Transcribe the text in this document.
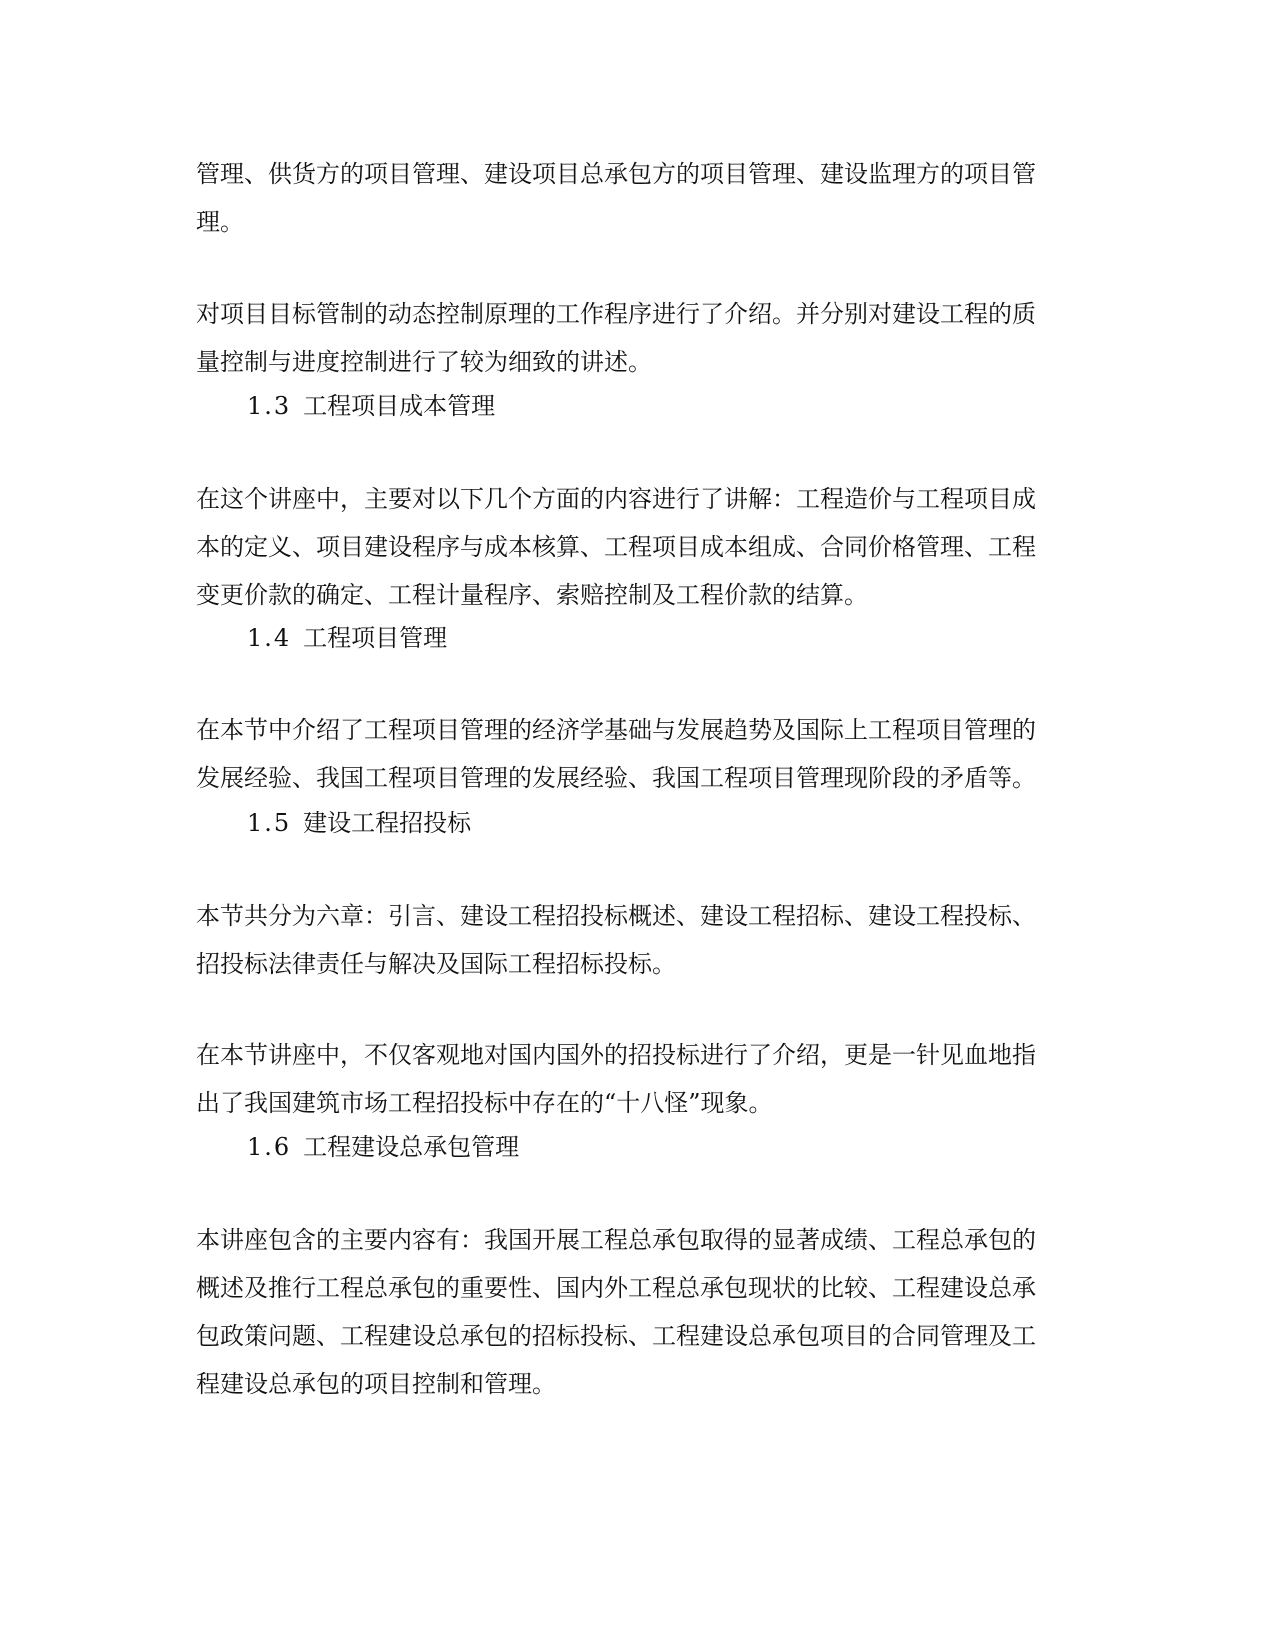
管理、供货方的项目管理、建设项目总承包方的项目管理、建设监理方的项目管
理。

对项目目标管制的动态控制原理的工作程序进行了介绍。并分别对建设工程的质
量控制与进度控制进行了较为细致的讲述。

1.3 工程项目成本管理

在这个讲座中，主要对以下几个方面的内容进行了讲解：工程造价与工程项目成
本的定义、项目建设程序与成本核算、工程项目成本组成、合同价格管理、工程
变更价款的确定、工程计量程序、索赔控制及工程价款的结算。

1.4 工程项目管理

在本节中介绍了工程项目管理的经济学基础与发展趋势及国际上工程项目管理的
发展经验、我国工程项目管理的发展经验、我国工程项目管理现阶段的矛盾等。

1.5 建设工程招投标

本节共分为六章：引言、建设工程招投标概述、建设工程招标、建设工程投标、
招投标法律责任与解决及国际工程招标投标。

在本节讲座中，不仅客观地对国内国外的招投标进行了介绍，更是一针见血地指
出了我国建筑市场工程招投标中存在的“十八怪”现象。

1.6 工程建设总承包管理

本讲座包含的主要内容有：我国开展工程总承包取得的显著成绩、工程总承包的
概述及推行工程总承包的重要性、国内外工程总承包现状的比较、工程建设总承
包政策问题、工程建设总承包的招标投标、工程建设总承包项目的合同管理及工
程建设总承包的项目控制和管理。
